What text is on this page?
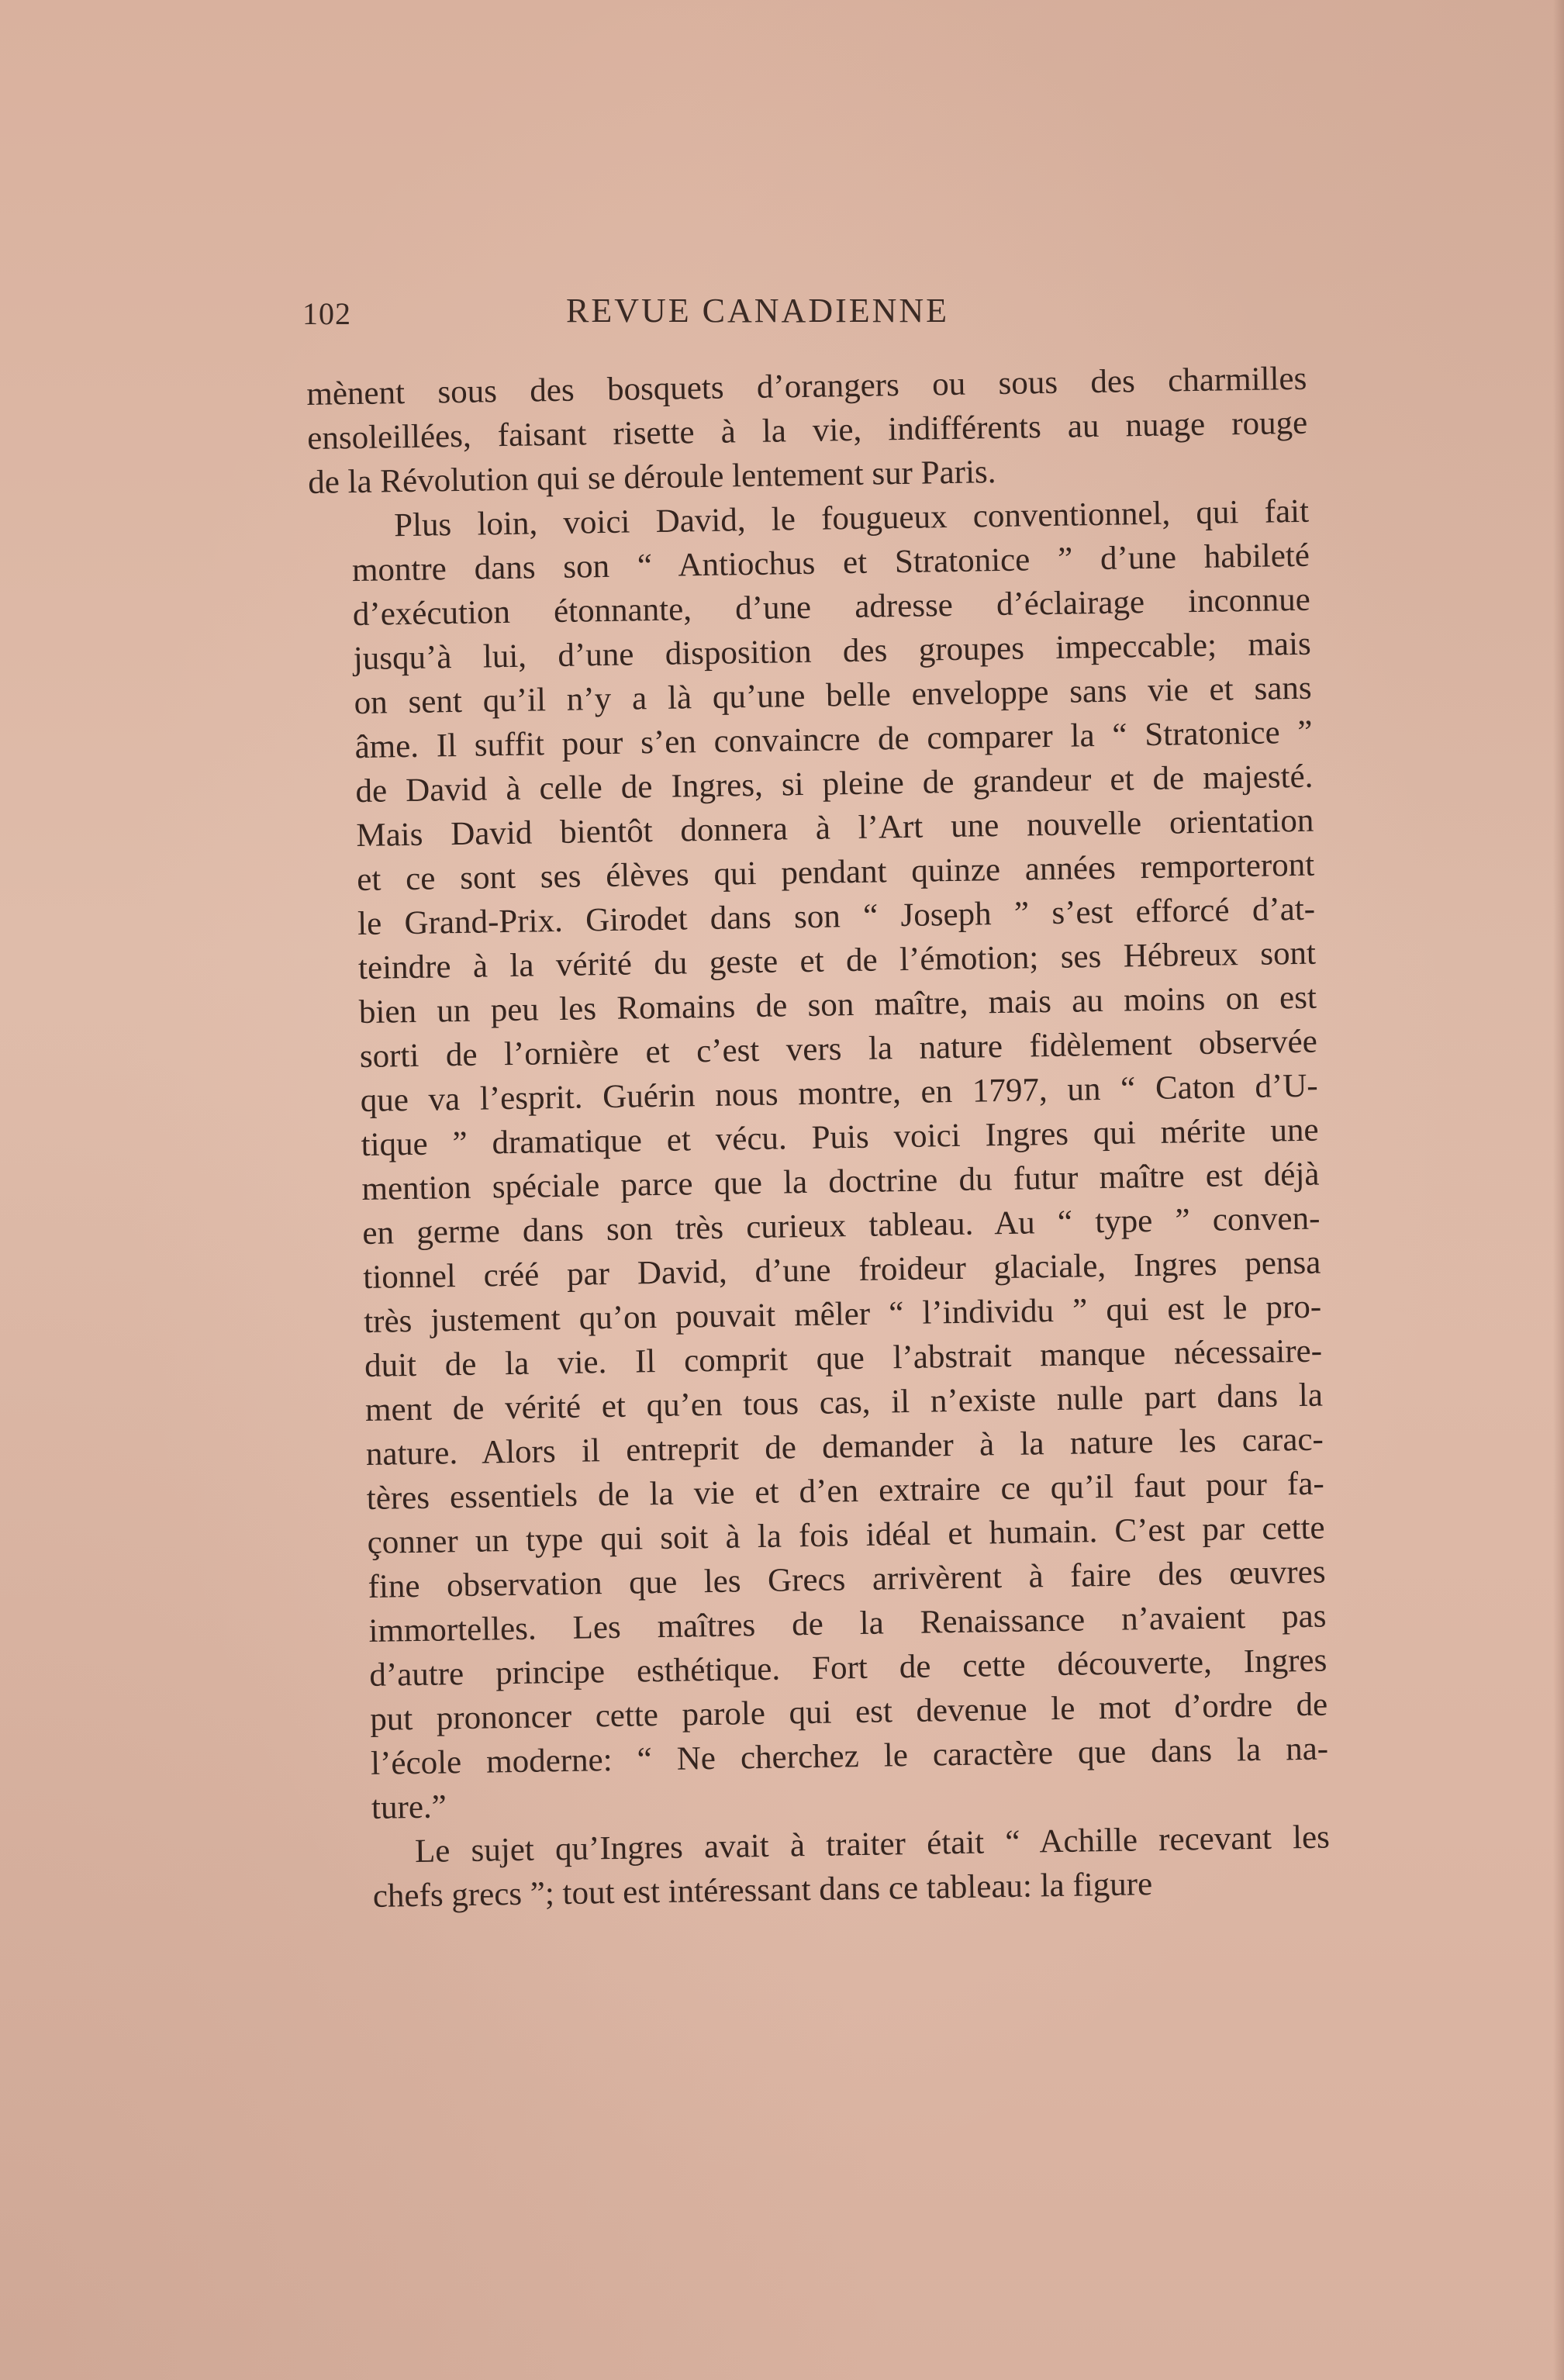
102	REVUE CANADIENNE
mènent sous des bosquets d’orangers ou sous des charmilles
ensoleillées, faisant risette à la vie, indifférents au nuage rouge
de la Révolution qui se déroule lentement sur Paris.
Plus loin, voici David, le fougueux conventionnel, qui fait
montre dans son “ Antiochus et Stratonice ” d’une habileté
d’exécution étonnante, d’une adresse d’éclairage inconnue
jusqu’à lui, d’une disposition des groupes impeccable; mais
on sent qu’il n’y a là qu’une belle enveloppe sans vie et sans
âme. Il suffit pour s’en convaincre de comparer la “ Stratonice ”
de David à celle de Ingres, si pleine de grandeur et de majesté.
Mais David bientôt donnera à l’Art une nouvelle orientation
et ce sont ses élèves qui pendant quinze années remporteront
le Grand-Prix. Girodet dans son “ Joseph ” s’est efforcé d’at-
teindre à la vérité du geste et de l’émotion; ses Hébreux sont
bien un peu les Romains de son maître, mais au moins on est
sorti de l’ornière et c’est vers la nature fidèlement observée
que va l’esprit. Guérin nous montre, en 1797, un “ Caton d’U-
tique ” dramatique et vécu. Puis voici Ingres qui mérite une
mention spéciale parce que la doctrine du futur maître est déjà
en germe dans son très curieux tableau. Au “ type ” conven-
tionnel créé par David, d’une froideur glaciale, Ingres pensa
très justement qu’on pouvait mêler “ l’individu ” qui est le pro-
duit de la vie. Il comprit que l’abstrait manque nécessaire-
ment de vérité et qu’en tous cas, il n’existe nulle part dans la
nature. Alors il entreprit de demander à la nature les carac-
tères essentiels de la vie et d’en extraire ce qu’il faut pour fa-
çonner un type qui soit à la fois idéal et humain. C’est par cette
fine observation que les Grecs arrivèrent à faire des œuvres
immortelles. Les maîtres de la Renaissance n’avaient pas
d’autre principe esthétique. Fort de cette découverte, Ingres
put prononcer cette parole qui est devenue le mot d’ordre de
l’école moderne: “ Ne cherchez le caractère que dans la na-
ture.”
Le sujet qu’Ingres avait à traiter était “ Achille recevant les
chefs grecs ”; tout est intéressant dans ce tableau: la figure
